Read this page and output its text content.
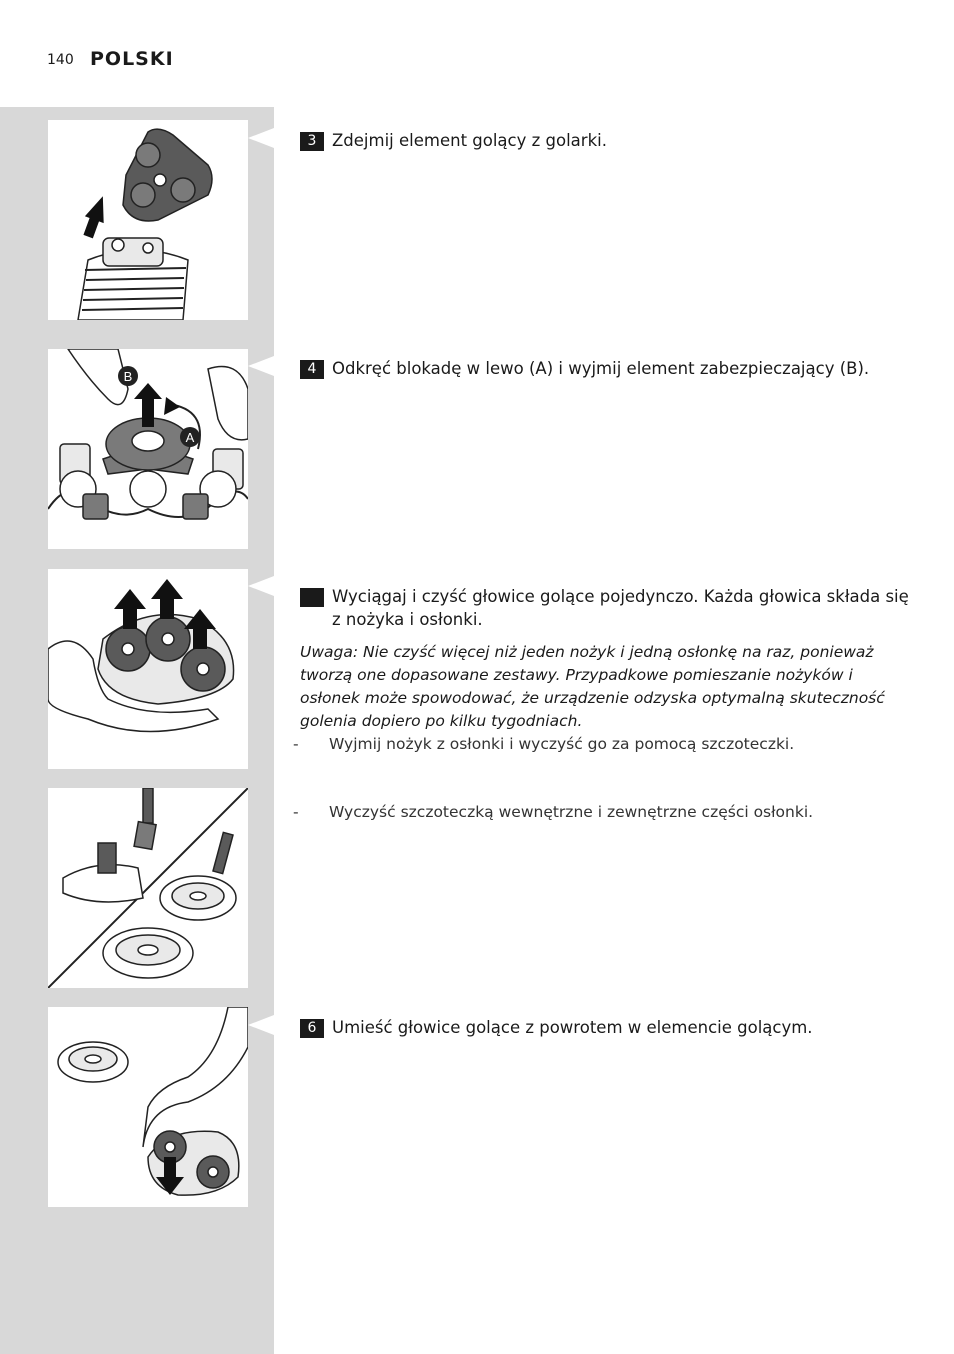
140 POLSKI
B
A
3 Zdejmij element golący z golarki.
4 Odkręć blokadę w lewo (A) i wyjmij element zabezpieczający (B).
5 Wyciągaj i czyść głowice golące pojedynczo. Każda głowica składa się z nożyka i osłonki.
Uwaga: Nie czyść więcej niż jeden nożyk i jedną osłonkę na raz, ponieważ tworzą one dopasowane zestawy. Przypadkowe pomieszanie nożyków i osłonek może spowodować, że urządzenie odzyska optymalną skuteczność golenia dopiero po kilku tygodniach.
- Wyjmij nożyk z osłonki i wyczyść go za pomocą szczoteczki.
- Wyczyść szczoteczką wewnętrzne i zewnętrzne części osłonki.
6 Umieść głowice golące z powrotem w elemencie golącym.
